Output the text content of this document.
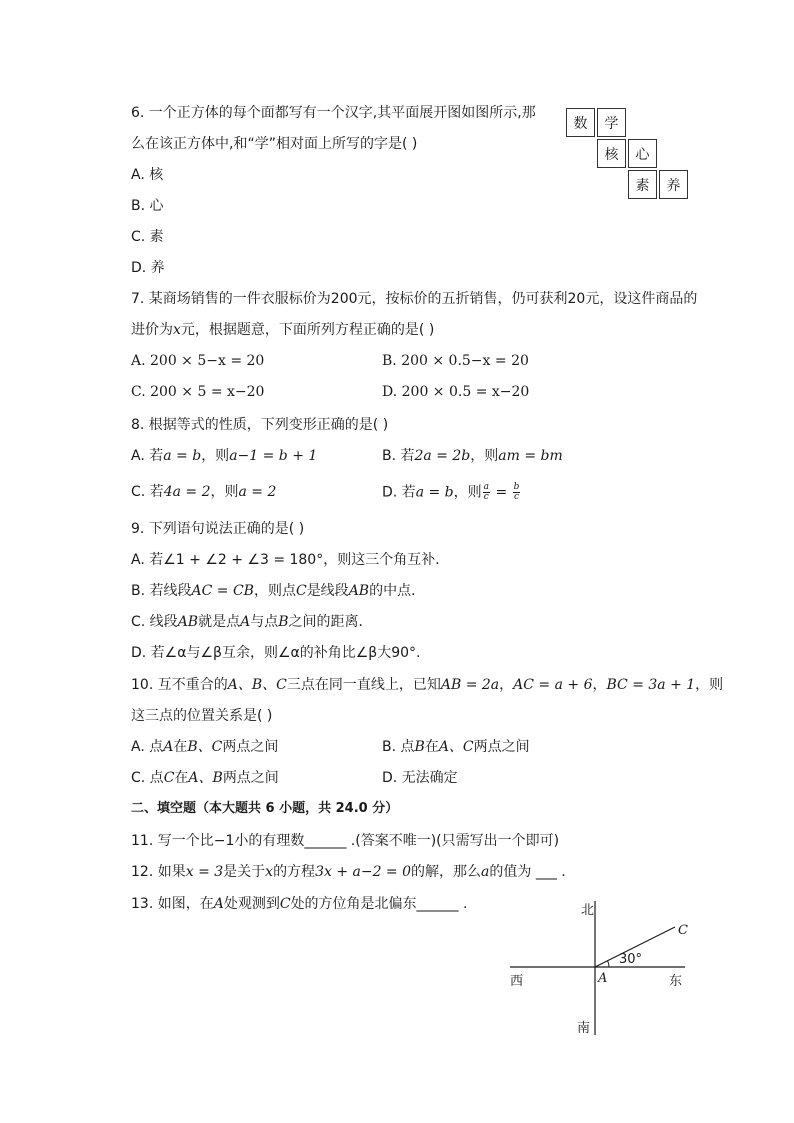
6. 一个正方体的每个面都写有一个汉字,其平面展开图如图所示,那
么在该正方体中,和“学”相对面上所写的字是( )
A. 核
B. 心
C. 素
D. 养
数	学
核	心
素	养
7. 某商场销售的一件衣服标价为200元，按标价的五折销售，仍可获利20元，设这件商品的
进价为x元，根据题意，下面所列方程正确的是( )
A. 200 × 5−x = 20	B. 200 × 0.5−x = 20
C. 200 × 5 = x−20	D. 200 × 0.5 = x−20
8. 根据等式的性质，下列变形正确的是( )
A. 若a = b，则a−1 = b + 1	B. 若2a = 2b，则am = bm
C. 若4a = 2，则a = 2	D. 若a = b，则 $\frac{a}{c} = \frac{b}{c}$
9. 下列语句说法正确的是( )
A. 若∠1 + ∠2 + ∠3 = 180°，则这三个角互补．
B. 若线段AC = CB，则点C是线段AB的中点．
C. 线段AB就是点A与点B之间的距离．
D. 若∠α与∠β互余，则∠α的补角比∠β大90°.
10. 互不重合的A、B、C三点在同一直线上，已知AB = 2a，AC = a + 6，BC = 3a + 1，则
这三点的位置关系是( )
A. 点A在B、C两点之间	B. 点B在A、C两点之间
C. 点C在A、B两点之间	D. 无法确定
二、填空题（本大题共 6 小题，共 24.0 分）
11. 写一个比−1小的有理数______ .(答案不唯一)(只需写出一个即可)
12. 如果x = 3是关于x的方程3x + a−2 = 0的解，那么a的值为 ___ .
13. 如图，在A处观测到C处的方位角是北偏东______ .	北
南
西	东
A
C
30°
